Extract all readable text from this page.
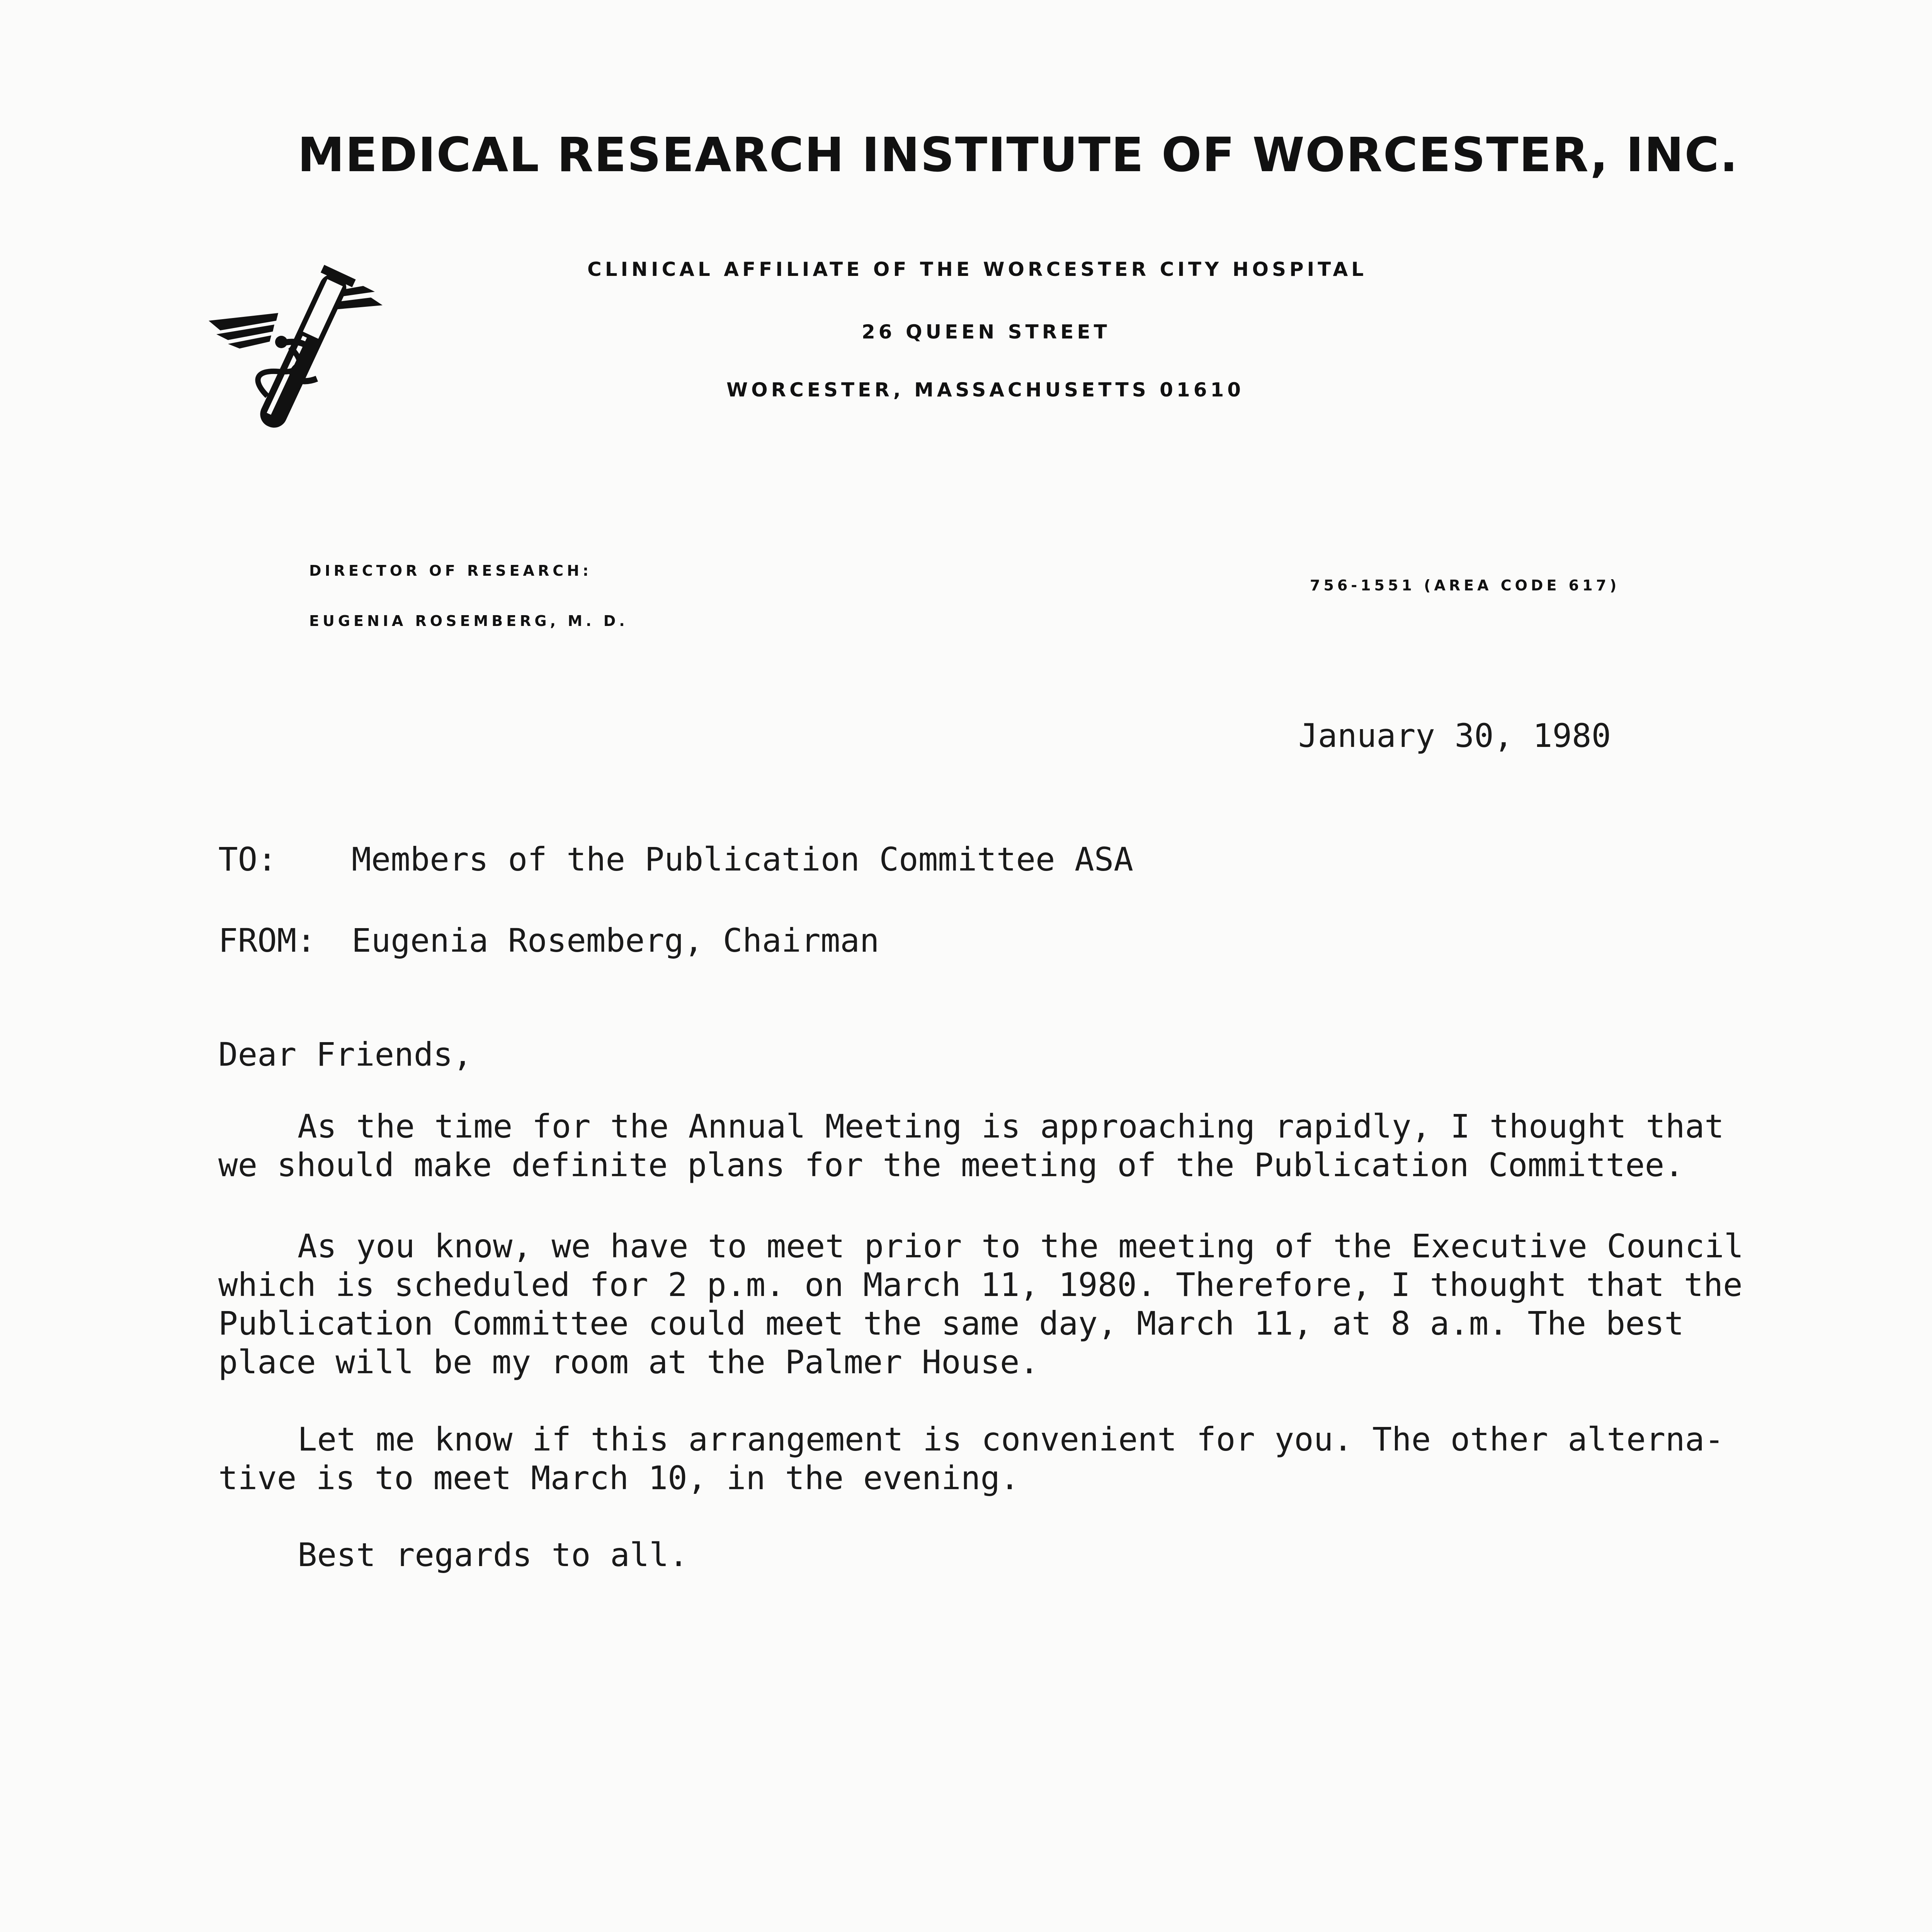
MEDICAL RESEARCH INSTITUTE OF WORCESTER, INC.
CLINICAL AFFILIATE OF THE WORCESTER CITY HOSPITAL
26 QUEEN STREET
WORCESTER, MASSACHUSETTS 01610
DIRECTOR OF RESEARCH:
EUGENIA ROSEMBERG, M. D.
756-1551 (AREA CODE 617)
January 30, 1980
TO: Members of the Publication Committee ASA
FROM: Eugenia Rosemberg, Chairman
Dear Friends,
As the time for the Annual Meeting is approaching rapidly, I thought that
we should make definite plans for the meeting of the Publication Committee.
As you know, we have to meet prior to the meeting of the Executive Council
which is scheduled for 2 p.m. on March 11, 1980. Therefore, I thought that the
Publication Committee could meet the same day, March 11, at 8 a.m. The best
place will be my room at the Palmer House.
Let me know if this arrangement is convenient for you. The other alterna-
tive is to meet March 10, in the evening.
Best regards to all.
